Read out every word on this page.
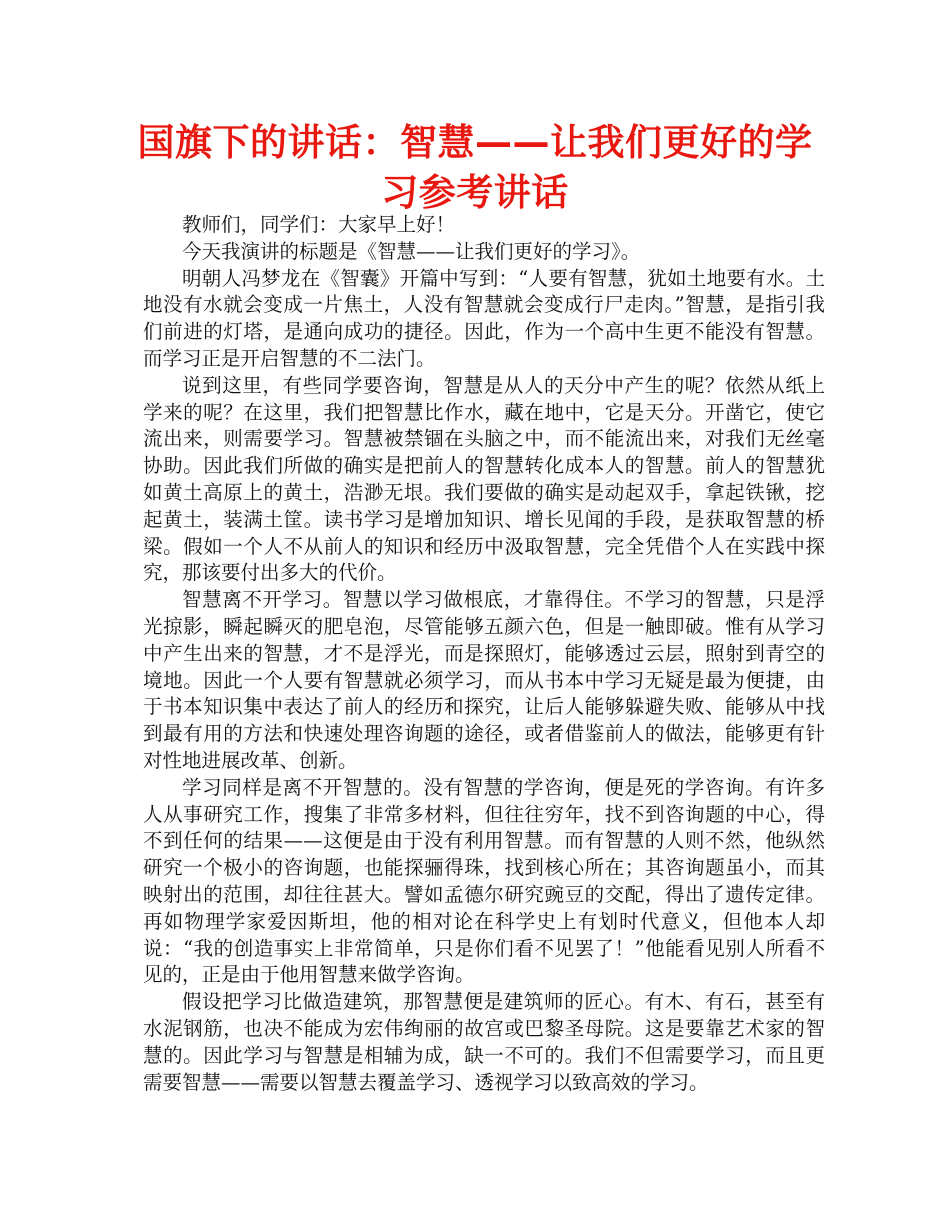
国旗下的讲话：智慧——让我们更好的学习参考讲话

教师们，同学们：大家早上好！

今天我演讲的标题是《智慧——让我们更好的学习》。

明朝人冯梦龙在《智囊》开篇中写到：“人要有智慧，犹如土地要有水。土地没有水就会变成一片焦土，人没有智慧就会变成行尸走肉。”智慧，是指引我们前进的灯塔，是通向成功的捷径。因此，作为一个高中生更不能没有智慧。而学习正是开启智慧的不二法门。

说到这里，有些同学要咨询，智慧是从人的天分中产生的呢？依然从纸上学来的呢？在这里，我们把智慧比作水，藏在地中，它是天分。开凿它，使它流出来，则需要学习。智慧被禁锢在头脑之中，而不能流出来，对我们无丝毫协助。因此我们所做的确实是把前人的智慧转化成本人的智慧。前人的智慧犹如黄土高原上的黄土，浩渺无垠。我们要做的确实是动起双手，拿起铁锹，挖起黄土，装满土筐。读书学习是增加知识、增长见闻的手段，是获取智慧的桥梁。假如一个人不从前人的知识和经历中汲取智慧，完全凭借个人在实践中探究，那该要付出多大的代价。

智慧离不开学习。智慧以学习做根底，才靠得住。不学习的智慧，只是浮光掠影，瞬起瞬灭的肥皂泡，尽管能够五颜六色，但是一触即破。惟有从学习中产生出来的智慧，才不是浮光，而是探照灯，能够透过云层，照射到青空的境地。因此一个人要有智慧就必须学习，而从书本中学习无疑是最为便捷，由于书本知识集中表达了前人的经历和探究，让后人能够躲避失败、能够从中找到最有用的方法和快速处理咨询题的途径，或者借鉴前人的做法，能够更有针对性地进展改革、创新。

学习同样是离不开智慧的。没有智慧的学咨询，便是死的学咨询。有许多人从事研究工作，搜集了非常多材料，但往往穷年，找不到咨询题的中心，得不到任何的结果——这便是由于没有利用智慧。而有智慧的人则不然，他纵然研究一个极小的咨询题，也能探骊得珠，找到核心所在；其咨询题虽小，而其映射出的范围，却往往甚大。譬如孟德尔研究豌豆的交配，得出了遗传定律。再如物理学家爱因斯坦，他的相对论在科学史上有划时代意义，但他本人却说：“我的创造事实上非常简单，只是你们看不见罢了！”他能看见别人所看不见的，正是由于他用智慧来做学咨询。

假设把学习比做造建筑，那智慧便是建筑师的匠心。有木、有石，甚至有水泥钢筋，也决不能成为宏伟绚丽的故宫或巴黎圣母院。这是要靠艺术家的智慧的。因此学习与智慧是相辅为成，缺一不可的。我们不但需要学习，而且更需要智慧——需要以智慧去覆盖学习、透视学习以致高效的学习。
